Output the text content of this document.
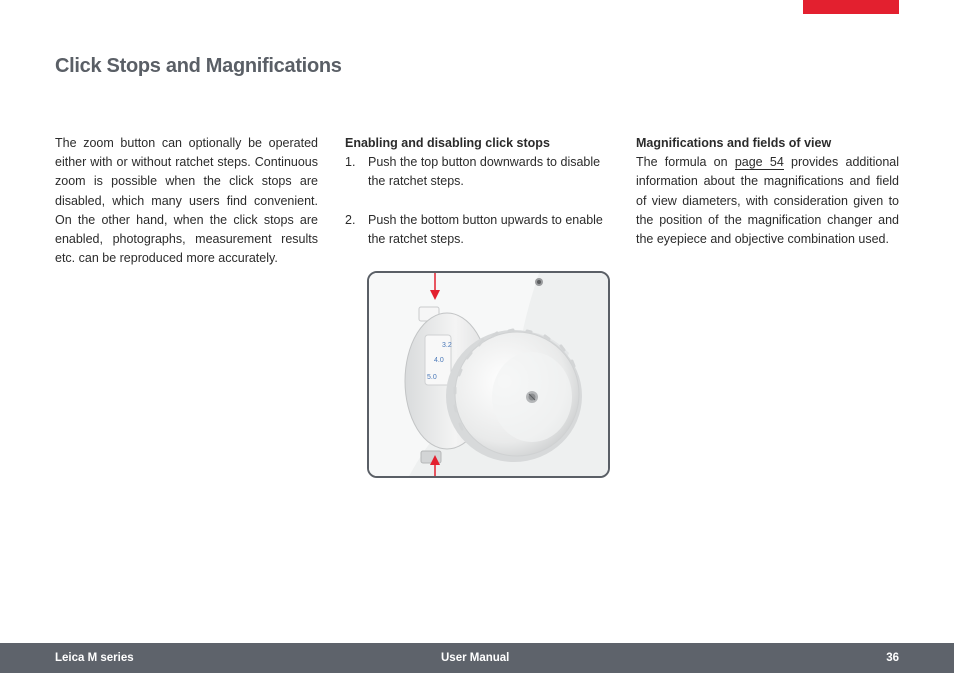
Click Stops and Magnifications

The zoom button can optionally be operated either with or without ratchet steps. Continuous zoom is possible when the click stops are disabled, which many users find convenient. On the other hand, when the click stops are enabled, photographs, measurement results etc. can be reproduced more accurately.

Enabling and disabling click stops
1. Push the top button downwards to disable the ratchet steps.
2. Push the bottom button upwards to enable the ratchet steps.
Magnifications and fields of view

The formula on page 54 provides additional information about the magnifications and field of view diameters, with consideration given to the position of the magnification changer and the eyepiece and objective combination used.

3.2
4.0
5.0
Leica M series	User Manual	36
